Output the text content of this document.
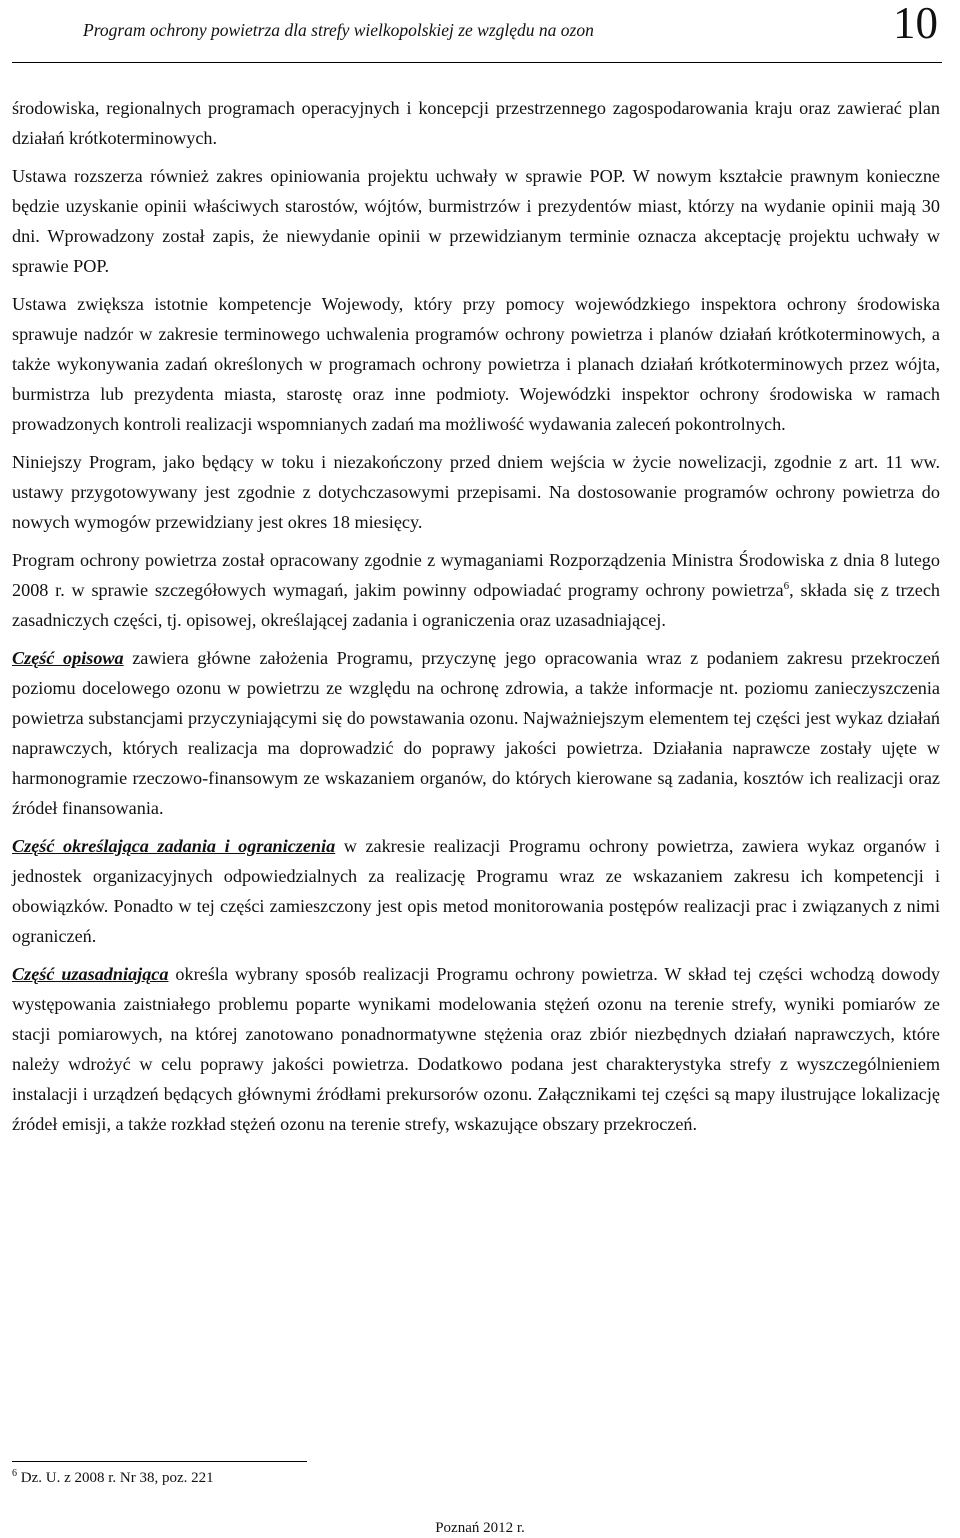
Program ochrony powietrza dla strefy wielkopolskiej ze względu na ozon	10

środowiska, regionalnych programach operacyjnych i koncepcji przestrzennego zagospodarowania kraju oraz zawierać plan działań krótkoterminowych.

Ustawa rozszerza również zakres opiniowania projektu uchwały w sprawie POP. W nowym kształcie prawnym konieczne będzie uzyskanie opinii właściwych starostów, wójtów, burmistrzów i prezydentów miast, którzy na wydanie opinii mają 30 dni. Wprowadzony został zapis, że niewydanie opinii w przewidzianym terminie oznacza akceptację projektu uchwały w sprawie POP.

Ustawa zwiększa istotnie kompetencje Wojewody, który przy pomocy wojewódzkiego inspektora ochrony środowiska sprawuje nadzór w zakresie terminowego uchwalenia programów ochrony powietrza i planów działań krótkoterminowych, a także wykonywania zadań określonych w programach ochrony powietrza i planach działań krótkoterminowych przez wójta, burmistrza lub prezydenta miasta, starostę oraz inne podmioty. Wojewódzki inspektor ochrony środowiska w ramach prowadzonych kontroli realizacji wspomnianych zadań ma możliwość wydawania zaleceń pokontrolnych.

Niniejszy Program, jako będący w toku i niezakończony przed dniem wejścia w życie nowelizacji, zgodnie z art. 11 ww. ustawy przygotowywany jest zgodnie z dotychczasowymi przepisami. Na dostosowanie programów ochrony powietrza do nowych wymogów przewidziany jest okres 18 miesięcy.

Program ochrony powietrza został opracowany zgodnie z wymaganiami Rozporządzenia Ministra Środowiska z dnia 8 lutego 2008 r. w sprawie szczegółowych wymagań, jakim powinny odpowiadać programy ochrony powietrza$^6$, składa się z trzech zasadniczych części, tj. opisowej, określającej zadania i ograniczenia oraz uzasadniającej.

Część opisowa zawiera główne założenia Programu, przyczynę jego opracowania wraz z podaniem zakresu przekroczeń poziomu docelowego ozonu w powietrzu ze względu na ochronę zdrowia, a także informacje nt. poziomu zanieczyszczenia powietrza substancjami przyczyniającymi się do powstawania ozonu. Najważniejszym elementem tej części jest wykaz działań naprawczych, których realizacja ma doprowadzić do poprawy jakości powietrza. Działania naprawcze zostały ujęte w harmonogramie rzeczowo-finansowym ze wskazaniem organów, do których kierowane są zadania, kosztów ich realizacji oraz źródeł finansowania.

Część określająca zadania i ograniczenia w zakresie realizacji Programu ochrony powietrza, zawiera wykaz organów i jednostek organizacyjnych odpowiedzialnych za realizację Programu wraz ze wskazaniem zakresu ich kompetencji i obowiązków. Ponadto w tej części zamieszczony jest opis metod monitorowania postępów realizacji prac i związanych z nimi ograniczeń.

Część uzasadniająca określa wybrany sposób realizacji Programu ochrony powietrza. W skład tej części wchodzą dowody występowania zaistniałego problemu poparte wynikami modelowania stężeń ozonu na terenie strefy, wyniki pomiarów ze stacji pomiarowych, na której zanotowano ponadnormatywne stężenia oraz zbiór niezbędnych działań naprawczych, które należy wdrożyć w celu poprawy jakości powietrza. Dodatkowo podana jest charakterystyka strefy z wyszczególnieniem instalacji i urządzeń będących głównymi źródłami prekursorów ozonu. Załącznikami tej części są mapy ilustrujące lokalizację źródeł emisji, a także rozkład stężeń ozonu na terenie strefy, wskazujące obszary przekroczeń.

$^6$ Dz. U. z 2008 r. Nr 38, poz. 221
Poznań 2012 r.
